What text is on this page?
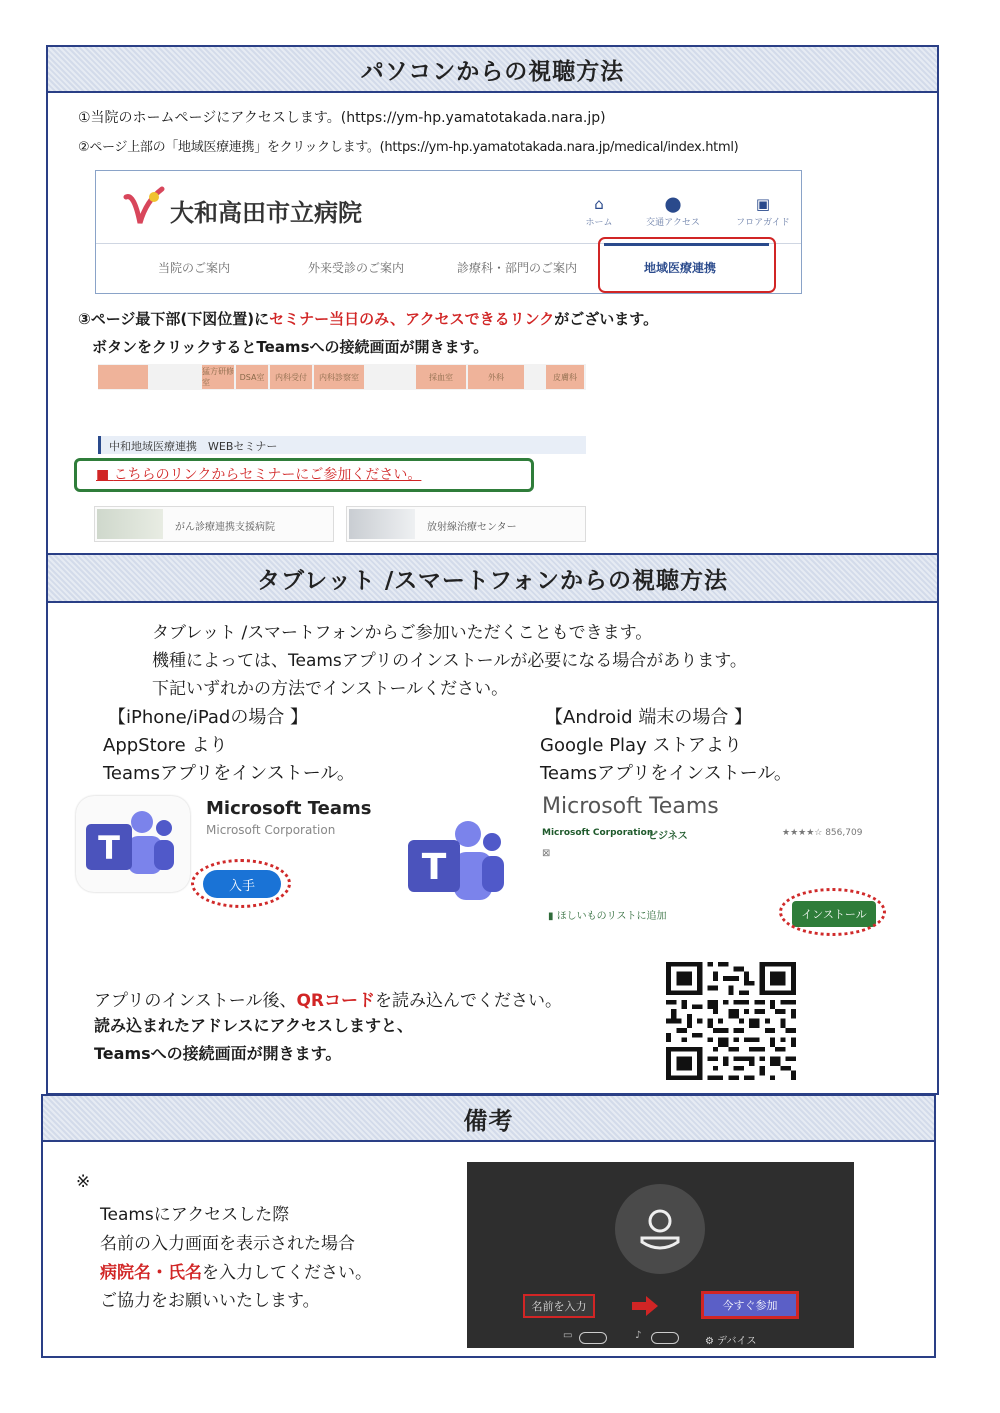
パソコンからの視聴方法
①当院のホームページにアクセスします。(https://ym-hp.yamatotakada.nara.jp)
②ページ上部の「地域医療連携」をクリックします。(https://ym-hp.yamatotakada.nara.jp/medical/index.html)
大和高田市立病院	⌂
ホーム
⬤
交通アクセス
▣
フロアガイド
当院のご案内	外来受診のご案内	診療科・部門のご案内	地域医療連携
③ページ最下部(下図位置)にセミナー当日のみ、アクセスできるリンクがございます。
ボタンをクリックするとTeamsへの接続画面が開きます。
猛方研修室
DSA室	内科受付	内科診察室	採血室	外科	皮膚科
中和地域医療連携　WEBセミナー
■ こちらのリンクからセミナーにご参加ください。
がん診療連携支援病院	放射線治療センター
タブレット /スマートフォンからの視聴方法
タブレット /スマートフォンからご参加いただくこともできます。
機種によっては、Teamsアプリのインストールが必要になる場合があります。
下記いずれかの方法でインストールください。
【iPhone/iPadの場合 】
AppStore より
Teamsアプリをインストール。
【Android 端末の場合 】
Google Play ストアより
Teamsアプリをインストール。
T
Microsoft Teams
Microsoft Corporation
入手	T
Microsoft Teams
Microsoft Corporation
ビジネス	★★★★☆ 856,709
⊠
▮ ほしいものリストに追加	インストール
アプリのインストール後、QRコードを読み込んでください。
読み込まれたアドレスにアクセスしますと、
Teamsへの接続画面が開きます。
備考
※
Teamsにアクセスした際
名前の入力画面を表示された場合
病院名・氏名を入力してください。
ご協力をお願いいたします。	名前を入力	今すぐ参加
▭	♪
⚙ デバイス
